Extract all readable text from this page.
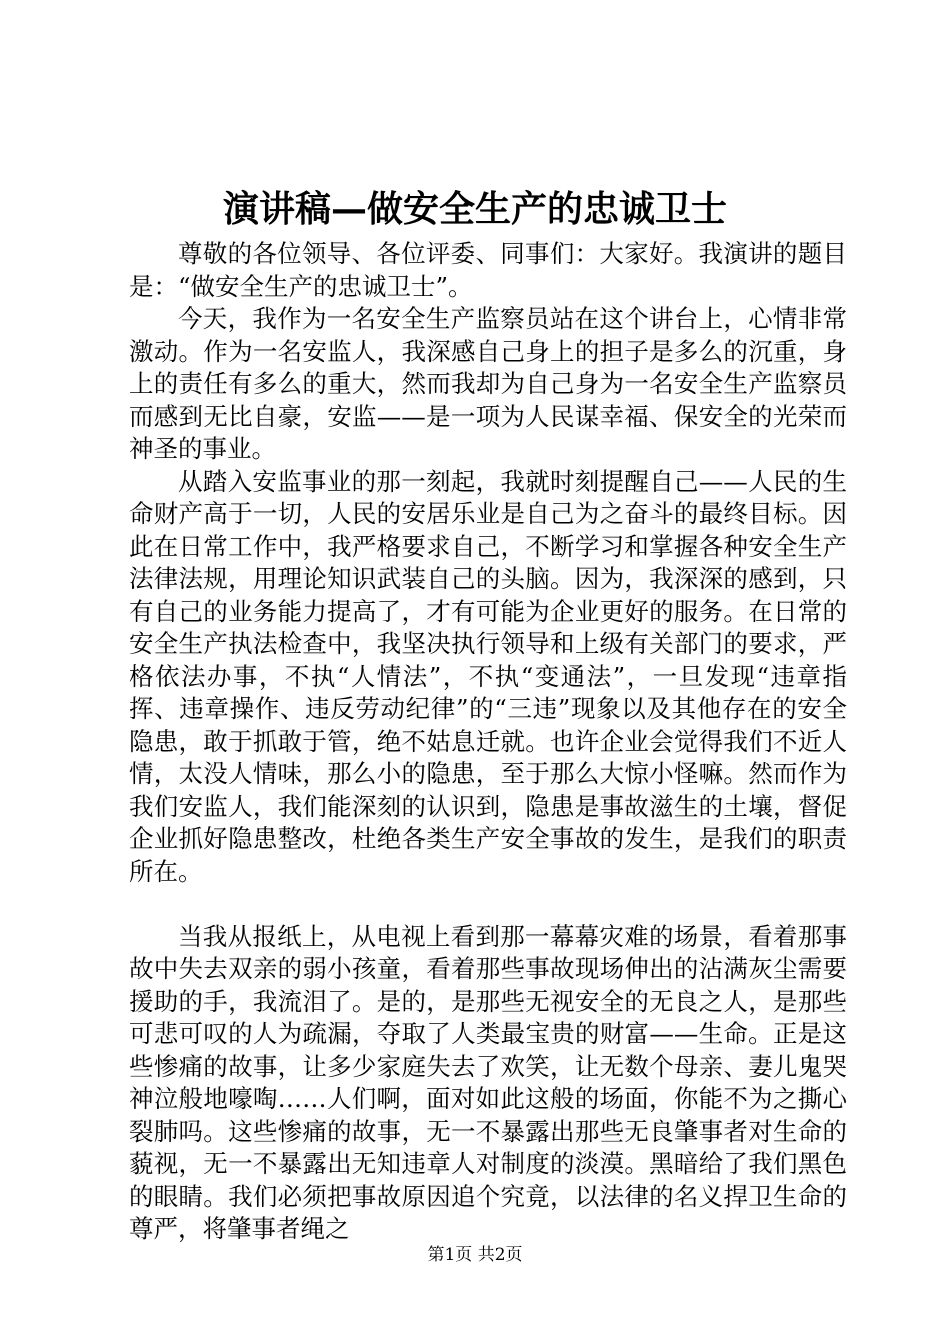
演讲稿—做安全生产的忠诚卫士

尊敬的各位领导、各位评委、同事们：大家好。我演讲的题目是：“做安全生产的忠诚卫士”。

今天，我作为一名安全生产监察员站在这个讲台上，心情非常激动。作为一名安监人，我深感自己身上的担子是多么的沉重，身上的责任有多么的重大，然而我却为自己身为一名安全生产监察员而感到无比自豪，安监——是一项为人民谋幸福、保安全的光荣而神圣的事业。

从踏入安监事业的那一刻起，我就时刻提醒自己——人民的生命财产高于一切，人民的安居乐业是自己为之奋斗的最终目标。因此在日常工作中，我严格要求自己，不断学习和掌握各种安全生产法律法规，用理论知识武装自己的头脑。因为，我深深的感到，只有自己的业务能力提高了，才有可能为企业更好的服务。在日常的安全生产执法检查中，我坚决执行领导和上级有关部门的要求，严格依法办事，不执“人情法”，不执“变通法”，一旦发现“违章指挥、违章操作、违反劳动纪律”的“三违”现象以及其他存在的安全隐患，敢于抓敢于管，绝不姑息迁就。也许企业会觉得我们不近人情，太没人情味，那么小的隐患，至于那么大惊小怪嘛。然而作为我们安监人，我们能深刻的认识到，隐患是事故滋生的土壤，督促企业抓好隐患整改，杜绝各类生产安全事故的发生，是我们的职责所在。

当我从报纸上，从电视上看到那一幕幕灾难的场景，看着那事故中失去双亲的弱小孩童，看着那些事故现场伸出的沾满灰尘需要援助的手，我流泪了。是的，是那些无视安全的无良之人，是那些可悲可叹的人为疏漏，夺取了人类最宝贵的财富——生命。正是这些惨痛的故事，让多少家庭失去了欢笑，让无数个母亲、妻儿鬼哭神泣般地嚎啕……人们啊，面对如此这般的场面，你能不为之撕心裂肺吗。这些惨痛的故事，无一不暴露出那些无良肇事者对生命的藐视，无一不暴露出无知违章人对制度的淡漠。黑暗给了我们黑色的眼睛。我们必须把事故原因追个究竟，以法律的名义捍卫生命的尊严，将肇事者绳之

第1页 共2页
